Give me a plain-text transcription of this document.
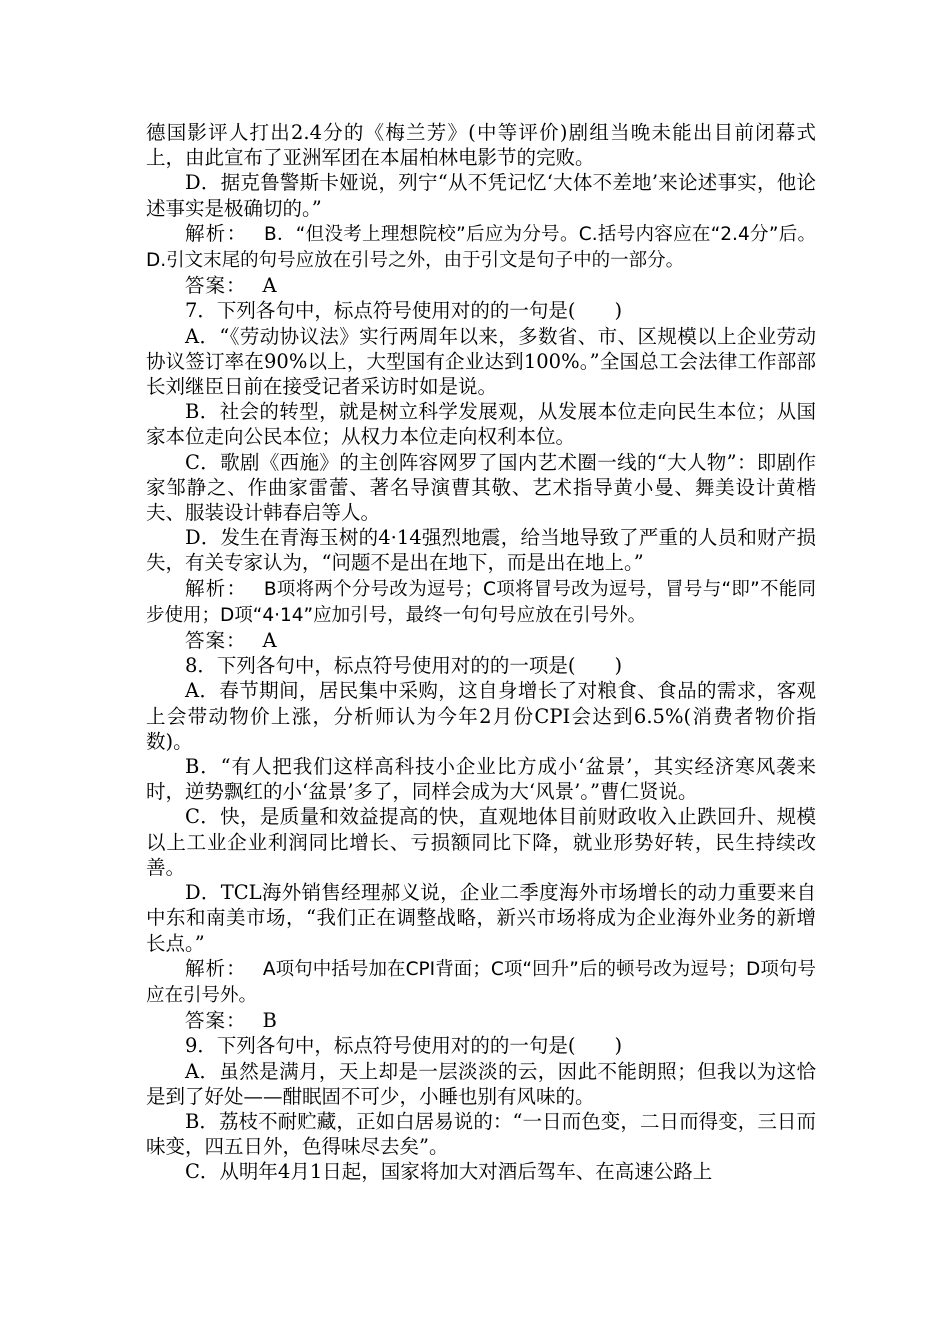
德国影评人打出2.4分的《梅兰芳》(中等评价)剧组当晚未能出目前闭幕式上，由此宣布了亚洲军团在本届柏林电影节的完败。

D．据克鲁警斯卡娅说，列宁“从不凭记忆‘大体不差地’来论述事实，他论述事实是极确切的。”

解析：　 B．“但没考上理想院校”后应为分号。C.括号内容应在“2.4分”后。D.引文末尾的句号应放在引号之外，由于引文是句子中的一部分。

答案：　 A

7．下列各句中，标点符号使用对的的一句是(　　)

A．“《劳动协议法》实行两周年以来，多数省、市、区规模以上企业劳动协议签订率在90%以上，大型国有企业达到100%。”全国总工会法律工作部部长刘继臣日前在接受记者采访时如是说。

B．社会的转型，就是树立科学发展观，从发展本位走向民生本位；从国家本位走向公民本位；从权力本位走向权利本位。

C．歌剧《西施》的主创阵容网罗了国内艺术圈一线的“大人物”：即剧作家邹静之、作曲家雷蕾、著名导演曹其敬、艺术指导黄小曼、舞美设计黄楷夫、服装设计韩春启等人。

D．发生在青海玉树的4·14强烈地震，给当地导致了严重的人员和财产损失，有关专家认为，“问题不是出在地下，而是出在地上。”

解析：　 B项将两个分号改为逗号；C项将冒号改为逗号，冒号与“即”不能同步使用；D项“4·14”应加引号，最终一句句号应放在引号外。

答案：　 A

8．下列各句中，标点符号使用对的的一项是(　　)

A．春节期间，居民集中采购，这自身增长了对粮食、食品的需求，客观上会带动物价上涨，分析师认为今年2月份CPI会达到6.5%(消费者物价指数)。

B．“有人把我们这样高科技小企业比方成小‘盆景’，其实经济寒风袭来时，逆势飘红的小‘盆景’多了，同样会成为大‘风景’。”曹仁贤说。

C．快，是质量和效益提高的快，直观地体目前财政收入止跌回升、规模以上工业企业利润同比增长、亏损额同比下降，就业形势好转，民生持续改善。

D．TCL海外销售经理郝义说，企业二季度海外市场增长的动力重要来自中东和南美市场，“我们正在调整战略，新兴市场将成为企业海外业务的新增长点。”

解析：　 A项句中括号加在CPI背面；C项“回升”后的顿号改为逗号；D项句号应在引号外。

答案：　 B

9．下列各句中，标点符号使用对的的一句是(　　)

A．虽然是满月，天上却是一层淡淡的云，因此不能朗照；但我以为这恰是到了好处——酣眠固不可少，小睡也别有风味的。

B．荔枝不耐贮藏，正如白居易说的：“一日而色变，二日而得变，三日而味变，四五日外，色得味尽去矣”。

C．从明年4月1日起，国家将加大对酒后驾车、在高速公路上
